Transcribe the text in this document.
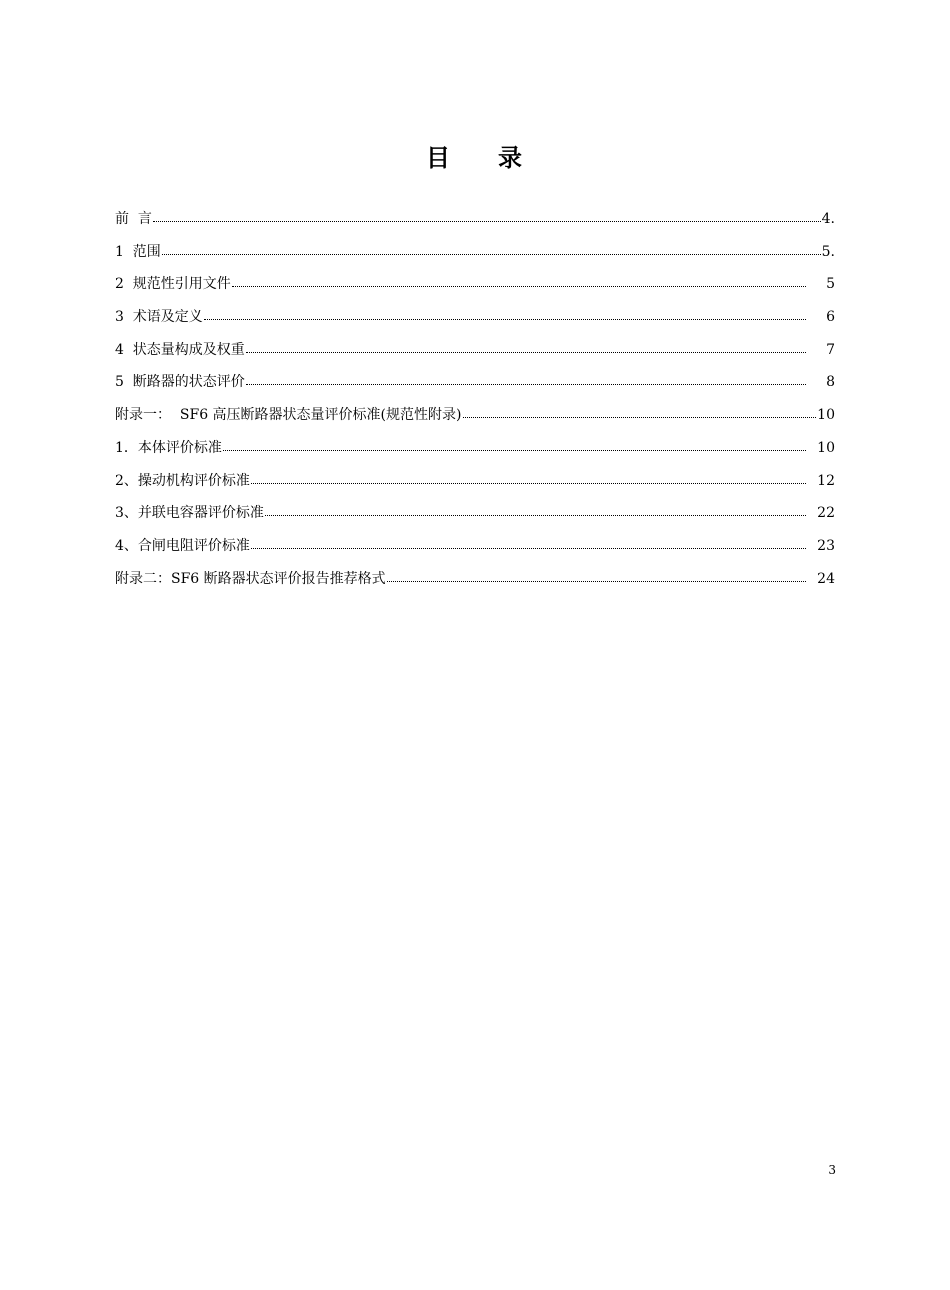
目 录
前  言	4.
1  范围	5.
2  规范性引用文件	5
3  术语及定义	6
4  状态量构成及权重	7
5  断路器的状态评价	8
附录一：  SF6 高压断路器状态量评价标准(规范性附录)	10
1．本体评价标准	10
2、操动机构评价标准	12
3、并联电容器评价标准	22
4、合闸电阻评价标准	23
附录二：SF6 断路器状态评价报告推荐格式	24
3
